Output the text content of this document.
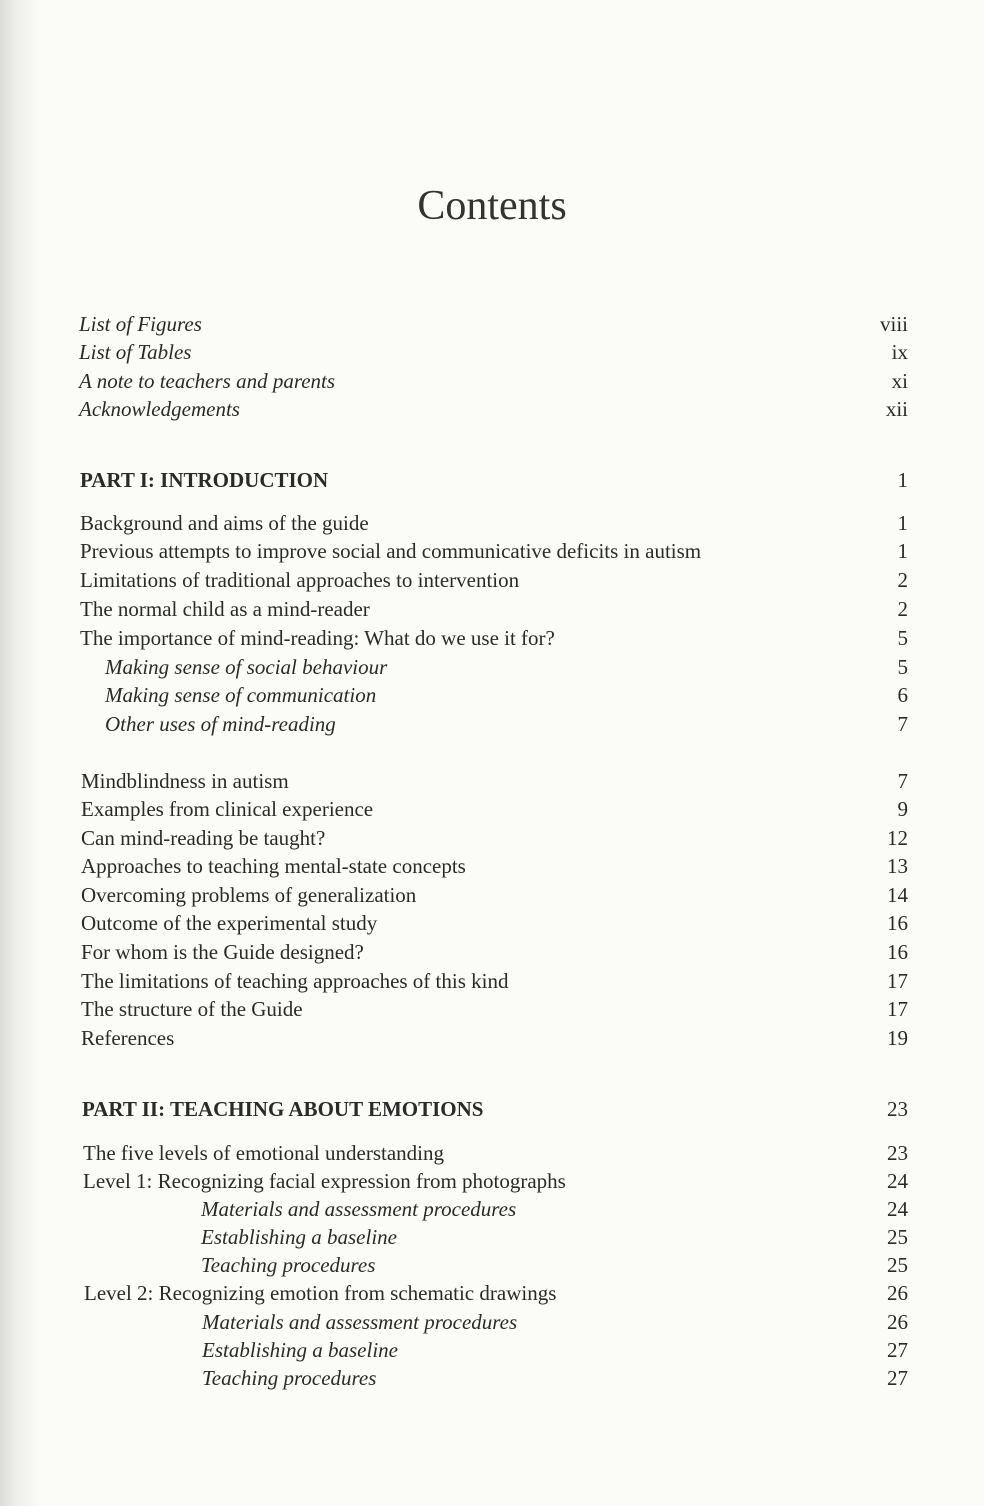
Contents
List of Figures	viii
List of Tables	ix
A note to teachers and parents	xi
Acknowledgements	xii
PART I: INTRODUCTION	1
Background and aims of the guide	1
Previous attempts to improve social and communicative deficits in autism	1
Limitations of traditional approaches to intervention	2
The normal child as a mind-reader	2
The importance of mind-reading: What do we use it for?	5
Making sense of social behaviour	5
Making sense of communication	6
Other uses of mind-reading	7
Mindblindness in autism	7
Examples from clinical experience	9
Can mind-reading be taught?	12
Approaches to teaching mental-state concepts	13
Overcoming problems of generalization	14
Outcome of the experimental study	16
For whom is the Guide designed?	16
The limitations of teaching approaches of this kind	17
The structure of the Guide	17
References	19
PART II: TEACHING ABOUT EMOTIONS	23
The five levels of emotional understanding	23
Level 1: Recognizing facial expression from photographs	24
Materials and assessment procedures	24
Establishing a baseline	25
Teaching procedures	25
Level 2: Recognizing emotion from schematic drawings	26
Materials and assessment procedures	26
Establishing a baseline	27
Teaching procedures	27
